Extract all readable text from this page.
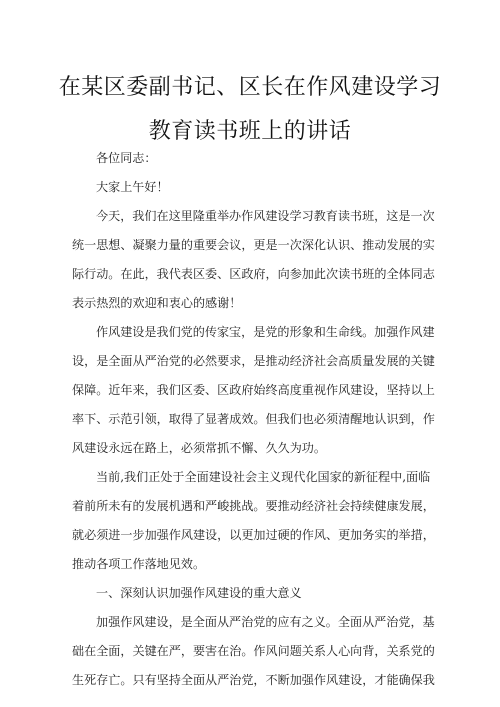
在某区委副书记、区长在作风建设学习
教育读书班上的讲话
各位同志：
大家上午好！
今天，我们在这里隆重举办作风建设学习教育读书班，这是一次
统一思想、凝聚力量的重要会议，更是一次深化认识、推动发展的实
际行动。在此，我代表区委、区政府，向参加此次读书班的全体同志
表示热烈的欢迎和衷心的感谢！
作风建设是我们党的传家宝，是党的形象和生命线。加强作风建
设，是全面从严治党的必然要求，是推动经济社会高质量发展的关键
保障。近年来，我们区委、区政府始终高度重视作风建设，坚持以上
率下、示范引领，取得了显著成效。但我们也必须清醒地认识到，作
风建设永远在路上，必须常抓不懈、久久为功。
当前,我们正处于全面建设社会主义现代化国家的新征程中,面临
着前所未有的发展机遇和严峻挑战。要推动经济社会持续健康发展，
就必须进一步加强作风建设，以更加过硬的作风、更加务实的举措，
推动各项工作落地见效。
一、深刻认识加强作风建设的重大意义
加强作风建设，是全面从严治党的应有之义。全面从严治党，基
础在全面，关键在严，要害在治。作风问题关系人心向背，关系党的
生死存亡。只有坚持全面从严治党，不断加强作风建设，才能确保我
